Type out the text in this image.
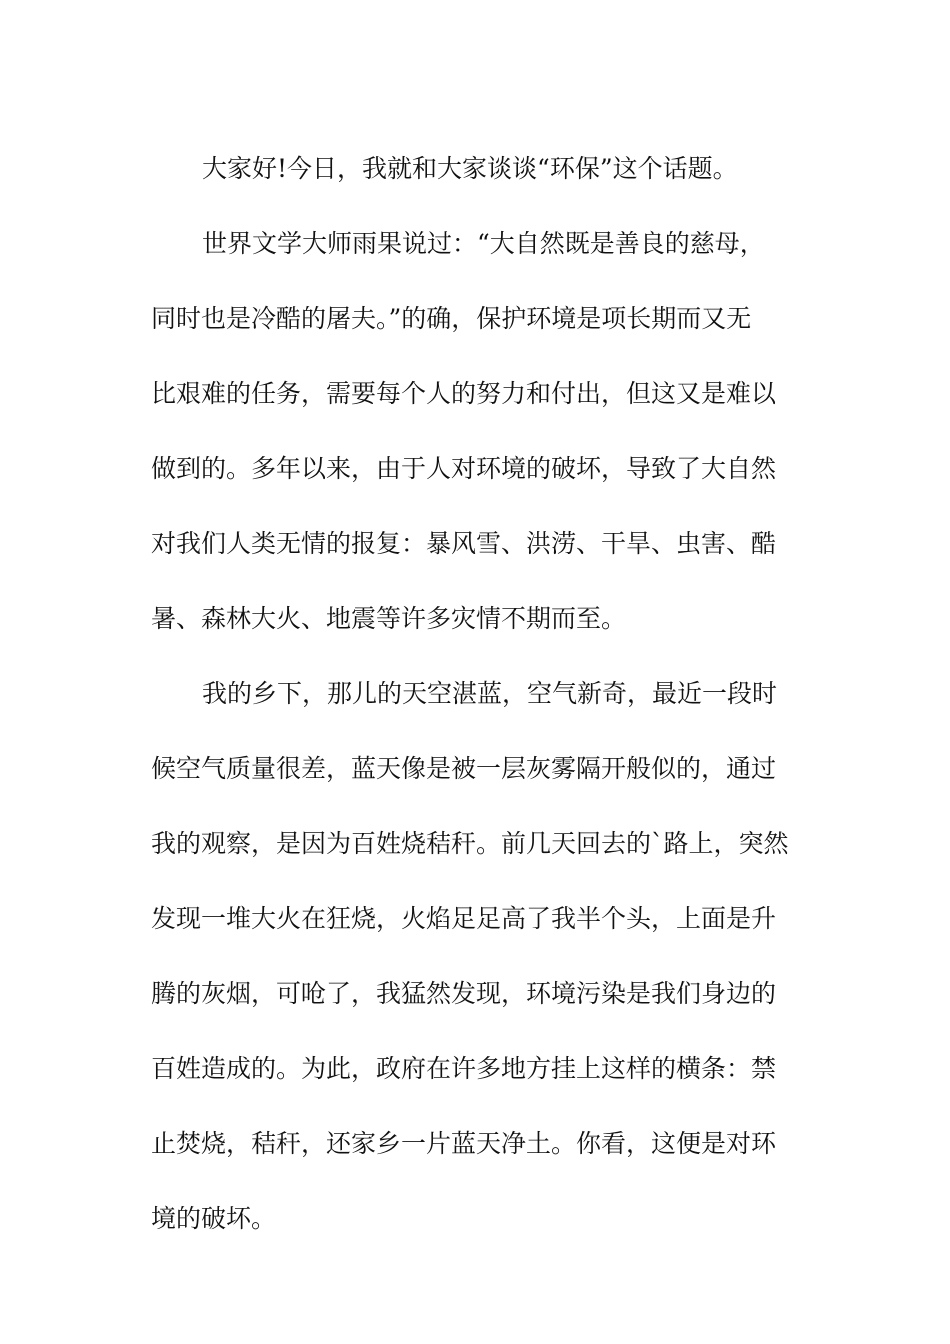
大家好!今日，我就和大家谈谈“环保”这个话题。
世界文学大师雨果说过：“大自然既是善良的慈母，
同时也是冷酷的屠夫。”的确，保护环境是项长期而又无
比艰难的任务，需要每个人的努力和付出，但这又是难以
做到的。多年以来，由于人对环境的破坏，导致了大自然
对我们人类无情的报复：暴风雪、洪涝、干旱、虫害、酷
暑、森林大火、地震等许多灾情不期而至。
我的乡下，那儿的天空湛蓝，空气新奇，最近一段时
候空气质量很差，蓝天像是被一层灰雾隔开般似的，通过
我的观察，是因为百姓烧秸秆。前几天回去的`路上，突然
发现一堆大火在狂烧，火焰足足高了我半个头，上面是升
腾的灰烟，可呛了，我猛然发现，环境污染是我们身边的
百姓造成的。为此，政府在许多地方挂上这样的横条：禁
止焚烧，秸秆，还家乡一片蓝天净土。你看，这便是对环
境的破坏。
